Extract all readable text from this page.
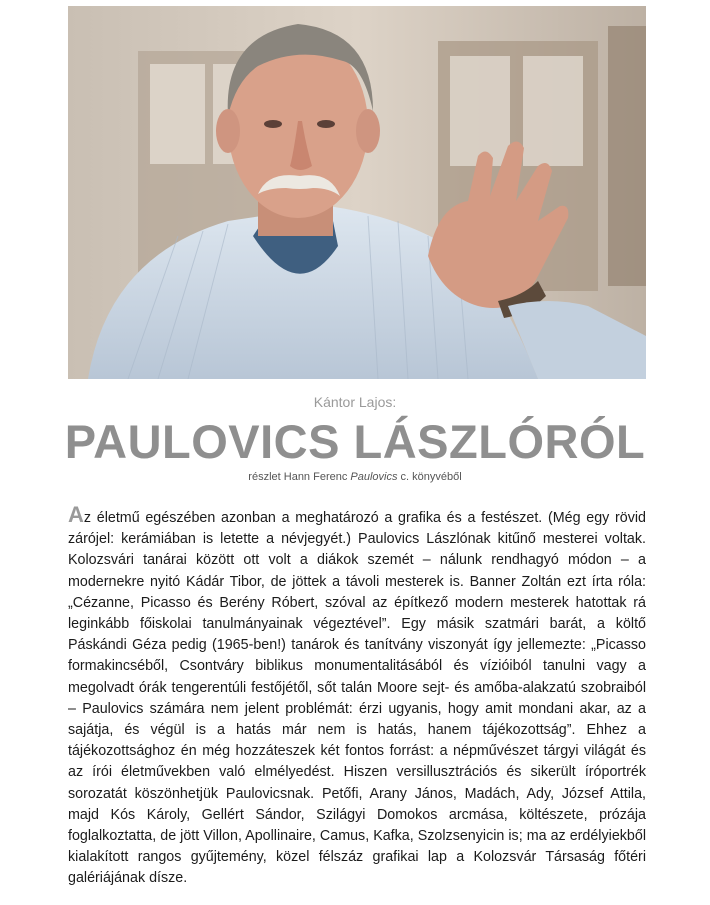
Kántor Lajos:
PAULOVICS LÁSZLÓRÓL
részlet Hann Ferenc Paulovics c. könyvéből

Az életmű egészében azonban a meghatározó a grafika és a festészet. (Még egy rövid zárójel: kerámiában is letette a névjegyét.) Paulovics Lászlónak kitűnő mesterei voltak. Kolozsvári tanárai között ott volt a diákok szemét – nálunk rendhagyó módon – a modernekre nyitó Kádár Tibor, de jöttek a távoli mesterek is. Banner Zoltán ezt írta róla: „Cézanne, Picasso és Berény Róbert, szóval az építkező modern mesterek hatottak rá leginkább főiskolai tanulmányainak végeztével”. Egy másik szatmári barát, a költő Páskándi Géza pedig (1965-ben!) tanárok és tanítvány viszonyát így jellemezte: „Picasso formakincséből, Csontváry biblikus monumentalitásából és vízióiból tanulni vagy a megolvadt órák tengerentúli festőjétől, sőt talán Moore sejt- és amőba-alakzatú szobraiból – Paulovics számára nem jelent problémát: érzi ugyanis, hogy amit mondani akar, az a sajátja, és végül is a hatás már nem is hatás, hanem tájékozottság”. Ehhez a tájékozottsághoz én még hozzáteszek két fontos forrást: a népművészet tárgyi világát és az írói életművekben való elmélyedést. Hiszen versillusztrációs és sikerült íróportrék sorozatát köszönhetjük Paulovicsnak. Petőfi, Arany János, Madách, Ady, József Attila, majd Kós Károly, Gellért Sándor, Szilágyi Domokos arcmása, költészete, prózája foglalkoztatta, de jött Villon, Apollinaire, Camus, Kafka, Szolzsenyicin is; ma az erdélyiekből kialakított rangos gyűjtemény, közel félszáz grafikai lap a Kolozsvár Társaság főtéri galériájának dísze.
